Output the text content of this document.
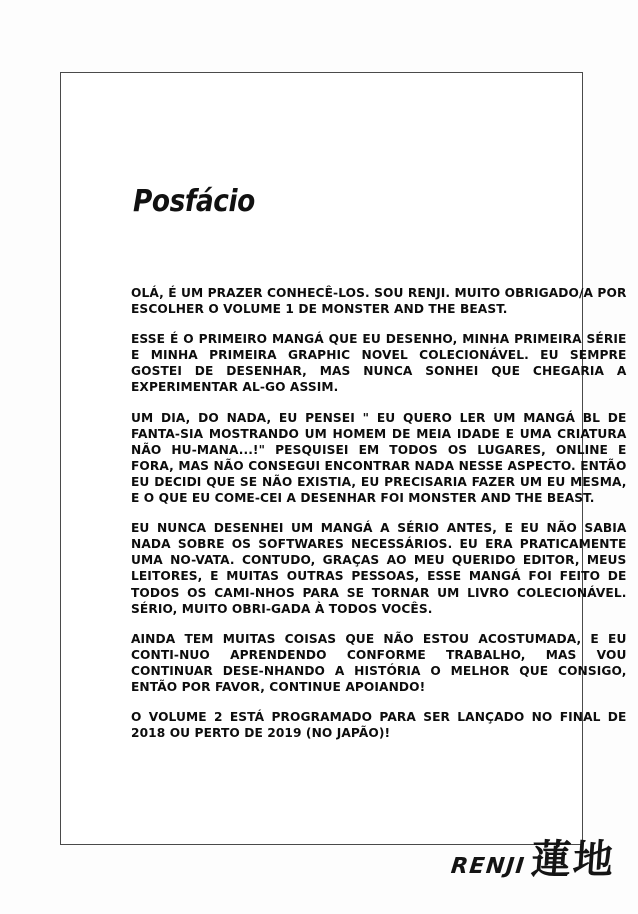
Posfácio

OLÁ, É UM PRAZER CONHECÊ-LOS. SOU RENJI. MUITO OBRIGADO/A POR ESCOLHER O VOLUME 1 DE MONSTER AND THE BEAST.

ESSE É O PRIMEIRO MANGÁ QUE EU DESENHO, MINHA PRIMEIRA SÉRIE E MINHA PRIMEIRA GRAPHIC NOVEL COLECIONÁVEL. EU SEMPRE GOSTEI DE DESENHAR, MAS NUNCA SONHEI QUE CHEGARIA A EXPERIMENTAR AL-GO ASSIM.

UM DIA, DO NADA, EU PENSEI " EU QUERO LER UM MANGÁ BL DE FANTA-SIA MOSTRANDO UM HOMEM DE MEIA IDADE E UMA CRIATURA NÃO HU-MANA...!" PESQUISEI EM TODOS OS LUGARES, ONLINE E FORA, MAS NÃO CONSEGUI ENCONTRAR NADA NESSE ASPECTO. ENTÃO EU DECIDI QUE SE NÃO EXISTIA, EU PRECISARIA FAZER UM EU MESMA, E O QUE EU COME-CEI A DESENHAR FOI MONSTER AND THE BEAST.

EU NUNCA DESENHEI UM MANGÁ A SÉRIO ANTES, E EU NÃO SABIA NADA SOBRE OS SOFTWARES NECESSÁRIOS. EU ERA PRATICAMENTE UMA NO-VATA. CONTUDO, GRAÇAS AO MEU QUERIDO EDITOR, MEUS LEITORES, E MUITAS OUTRAS PESSOAS, ESSE MANGÁ FOI FEITO DE TODOS OS CAMI-NHOS PARA SE TORNAR UM LIVRO COLECIONÁVEL. SÉRIO, MUITO OBRI-GADA À TODOS VOCÊS.

AINDA TEM MUITAS COISAS QUE NÃO ESTOU ACOSTUMADA, E EU CONTI-NUO APRENDENDO CONFORME TRABALHO, MAS VOU CONTINUAR DESE-NHANDO A HISTÓRIA O MELHOR QUE CONSIGO, ENTÃO POR FAVOR, CONTINUE APOIANDO!

O VOLUME 2 ESTÁ PROGRAMADO PARA SER LANÇADO NO FINAL DE 2018 OU PERTO DE 2019 (NO JAPÃO)!

RENJI 蓮地
